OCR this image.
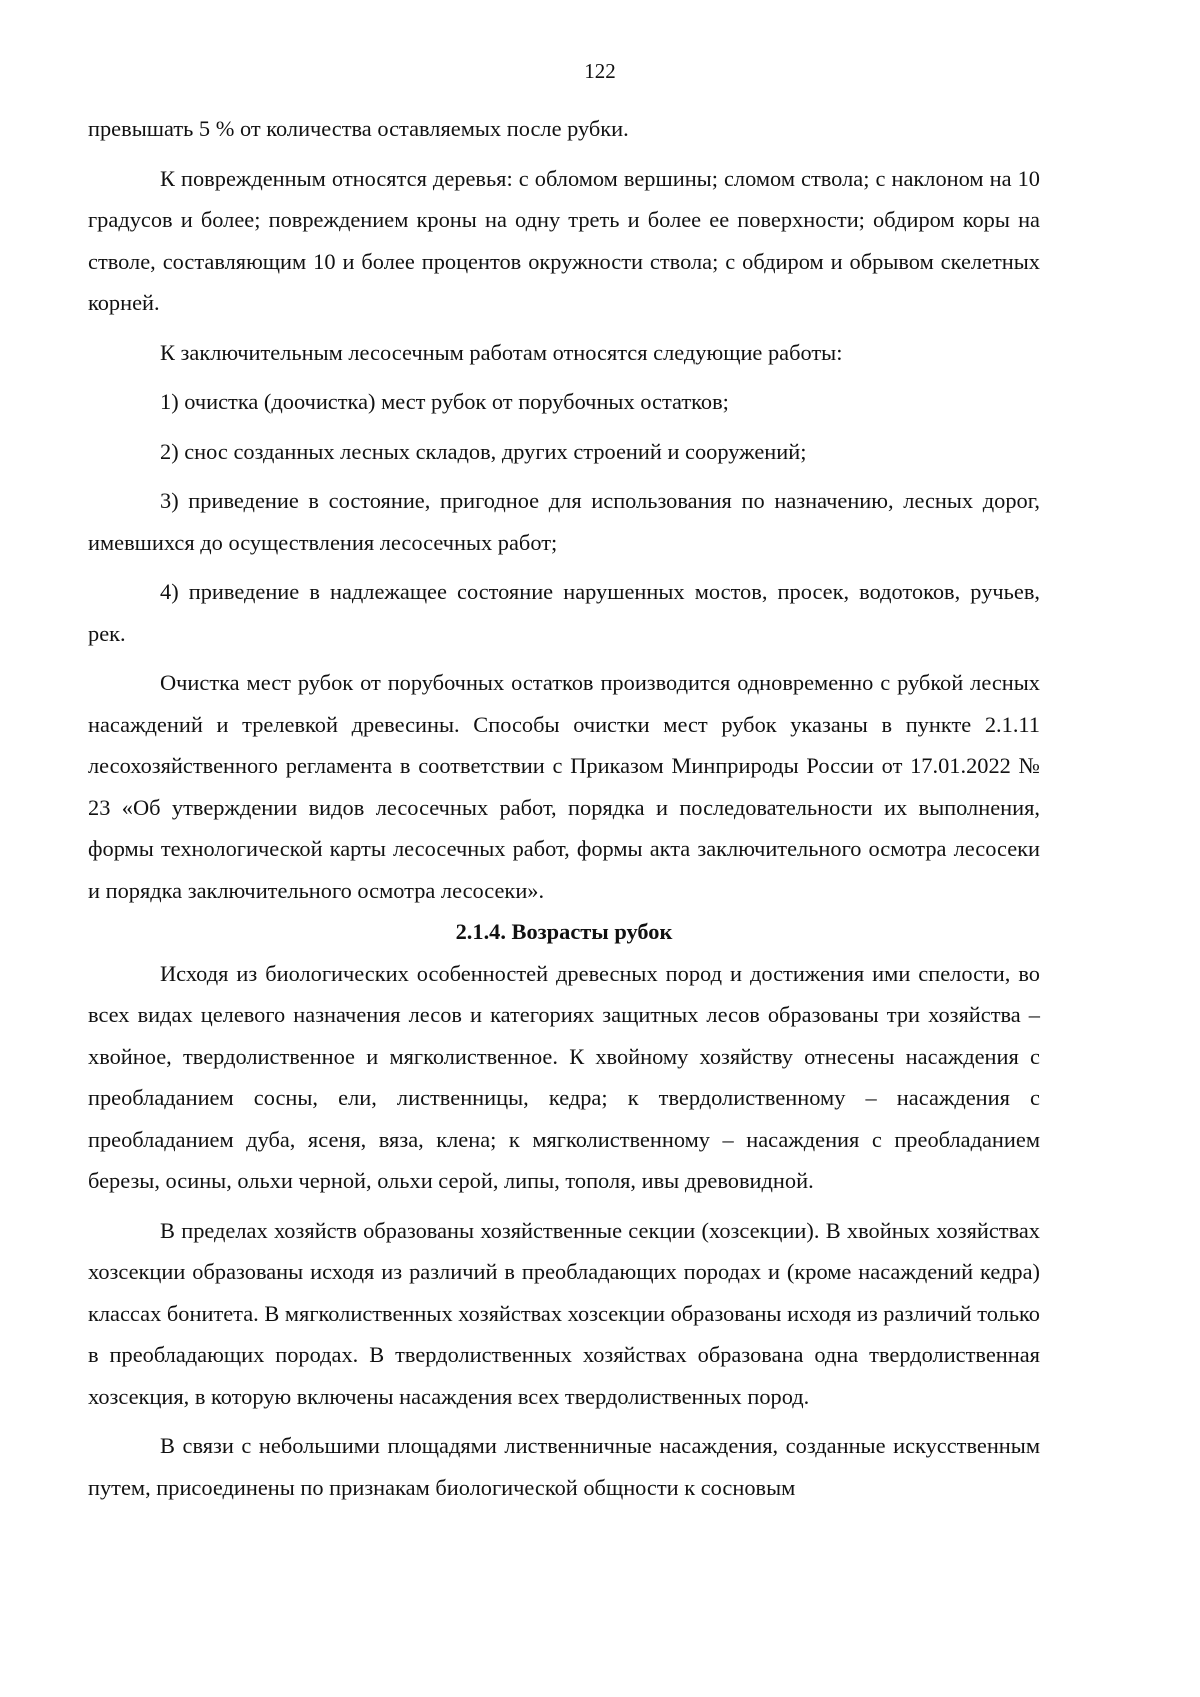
122

превышать 5 % от количества оставляемых после рубки.

К поврежденным относятся деревья: с обломом вершины; сломом ствола; с наклоном на 10 градусов и более; повреждением кроны на одну треть и более ее поверхности; обдиром коры на стволе, составляющим 10 и более процентов окружности ствола; с обдиром и обрывом скелетных корней.

К заключительным лесосечным работам относятся следующие работы:

1) очистка (доочистка) мест рубок от порубочных остатков;

2) снос созданных лесных складов, других строений и сооружений;

3) приведение в состояние, пригодное для использования по назначению, лесных дорог, имевшихся до осуществления лесосечных работ;

4) приведение в надлежащее состояние нарушенных мостов, просек, водотоков, ручьев, рек.

Очистка мест рубок от порубочных остатков производится одновременно с рубкой лесных насаждений и трелевкой древесины. Способы очистки мест рубок указаны в пункте 2.1.11 лесохозяйственного регламента в соответствии с Приказом Минприроды России от 17.01.2022 № 23 «Об утверждении видов лесосечных работ, порядка и последовательности их выполнения, формы технологической карты лесосечных работ, формы акта заключительного осмотра лесосеки и порядка заключительного осмотра лесосеки».

2.1.4. Возрасты рубок

Исходя из биологических особенностей древесных пород и достижения ими спелости, во всех видах целевого назначения лесов и категориях защитных лесов образованы три хозяйства – хвойное, твердолиственное и мягколиственное. К хвойному хозяйству отнесены насаждения с преобладанием сосны, ели, лиственницы, кедра; к твердолиственному – насаждения с преобладанием дуба, ясеня, вяза, клена; к мягколиственному – насаждения с преобладанием березы, осины, ольхи черной, ольхи серой, липы, тополя, ивы древовидной.

В пределах хозяйств образованы хозяйственные секции (хозсекции). В хвойных хозяйствах хозсекции образованы исходя из различий в преобладающих породах и (кроме насаждений кедра) классах бонитета. В мягколиственных хозяйствах хозсекции образованы исходя из различий только в преобладающих породах. В твердолиственных хозяйствах образована одна твердолиственная хозсекция, в которую включены насаждения всех твердолиственных пород.

В связи с небольшими площадями лиственничные насаждения, созданные искусственным путем, присоединены по признакам биологической общности к сосновым
